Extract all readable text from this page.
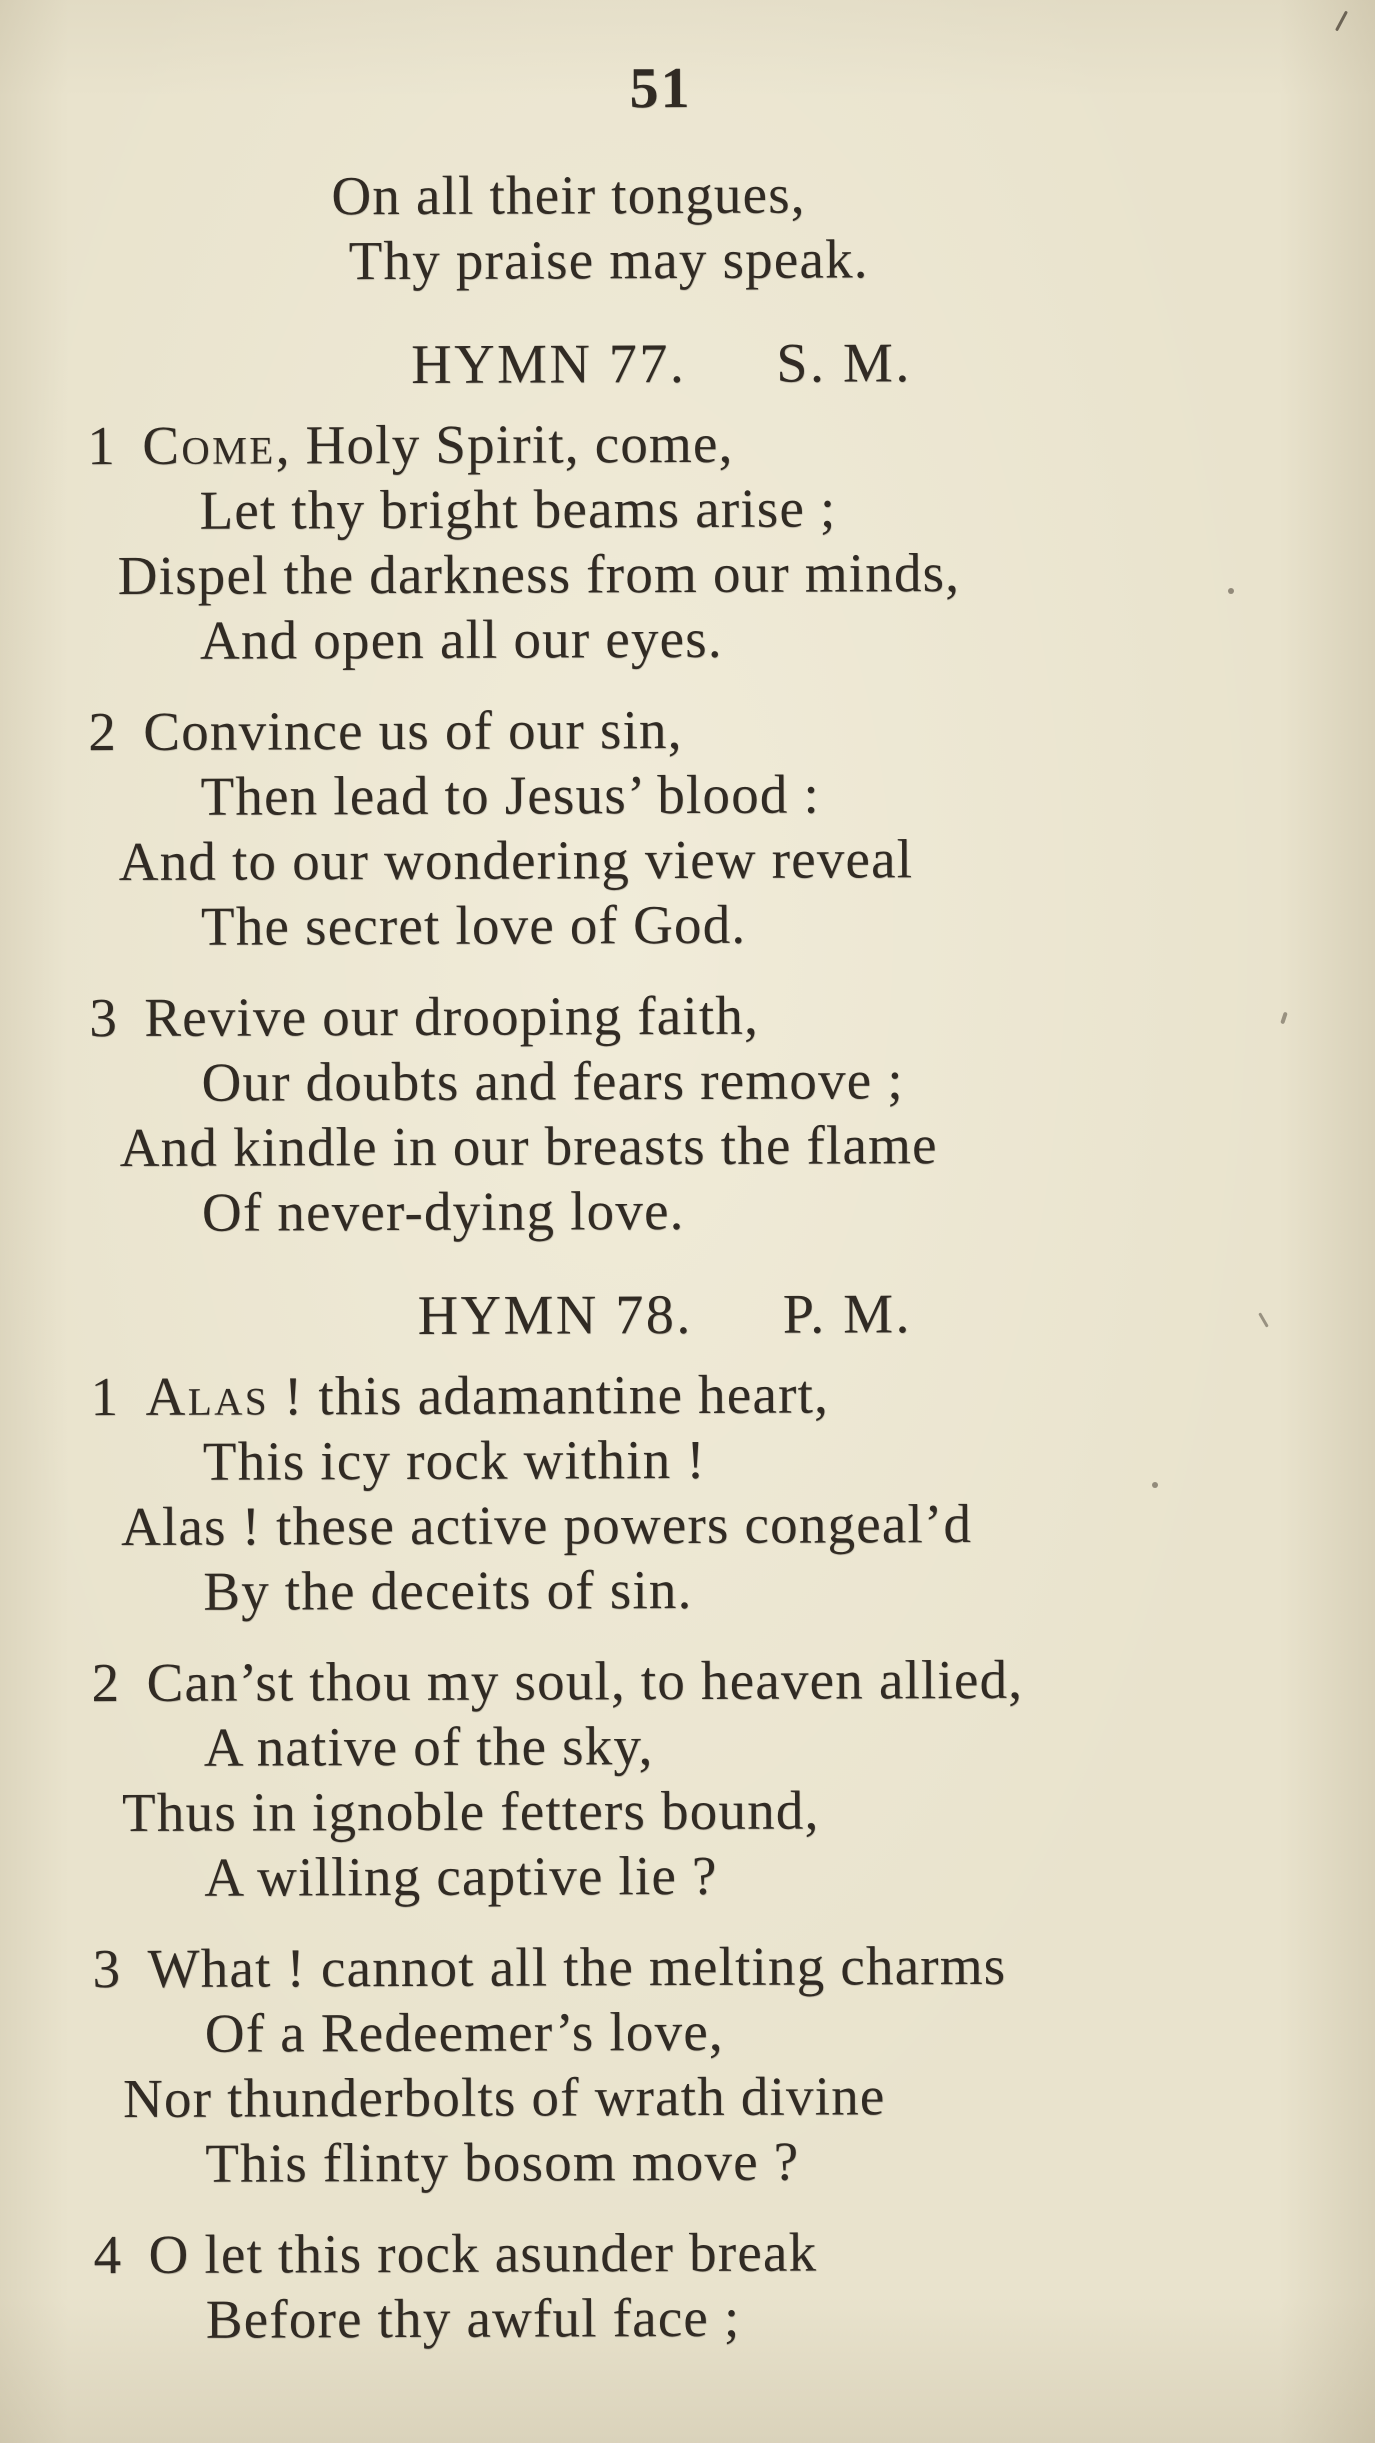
51
On all their tongues,
Thy praise may speak.
HYMN 77. S. M.
1 Come, Holy Spirit, come,
Let thy bright beams arise ;
Dispel the darkness from our minds,
And open all our eyes.
2 Convince us of our sin,
Then lead to Jesus’ blood :
And to our wondering view reveal
The secret love of God.
3 Revive our drooping faith,
Our doubts and fears remove ;
And kindle in our breasts the flame
Of never-dying love.
HYMN 78. P. M.
1 Alas ! this adamantine heart,
This icy rock within !
Alas ! these active powers congeal’d
By the deceits of sin.
2 Can’st thou my soul, to heaven allied,
A native of the sky,
Thus in ignoble fetters bound,
A willing captive lie ?
3 What ! cannot all the melting charms
Of a Redeemer’s love,
Nor thunderbolts of wrath divine
This flinty bosom move ?
4 O let this rock asunder break
Before thy awful face ;
